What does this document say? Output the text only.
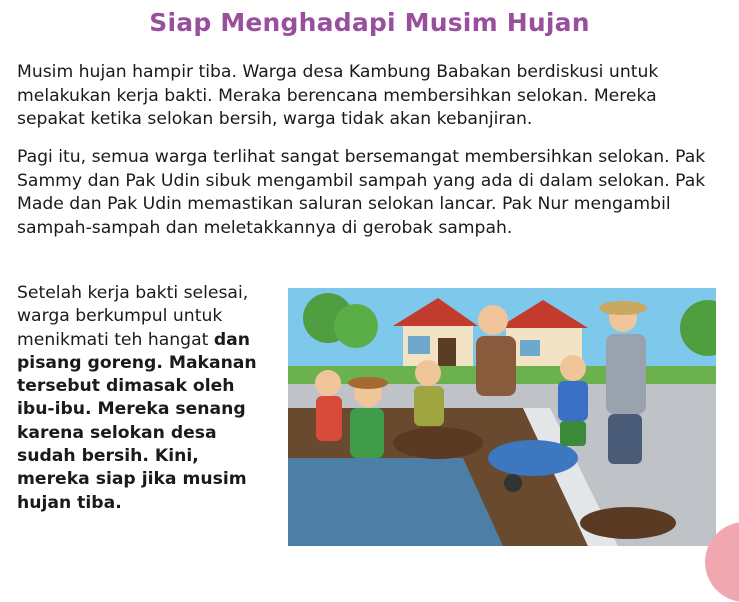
Siap Menghadapi Musim Hujan

Musim hujan hampir tiba. Warga desa Kambung Babakan berdiskusi untuk melakukan kerja bakti. Meraka berencana membersihkan selokan. Mereka sepakat ketika selokan bersih, warga tidak akan kebanjiran.

Pagi itu, semua warga terlihat sangat bersemangat membersihkan selokan. Pak Sammy dan Pak Udin sibuk mengambil sampah yang ada di dalam selokan. Pak Made dan Pak Udin memastikan saluran selokan lancar. Pak Nur mengambil sampah-sampah dan meletakkannya di gerobak sampah.

Setelah kerja bakti selesai, warga berkumpul untuk menikmati teh hangat dan pisang goreng. Makanan tersebut dimasak oleh ibu-ibu. Mereka senang karena selokan desa sudah bersih. Kini, mereka siap jika musim hujan tiba.
